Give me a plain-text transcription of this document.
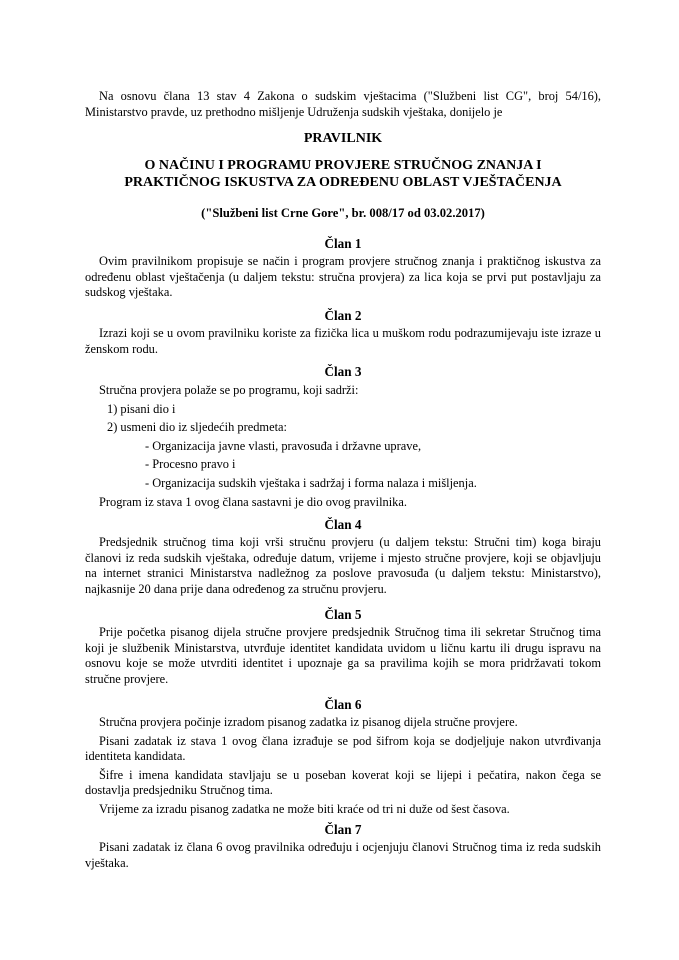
Na osnovu člana 13 stav 4 Zakona o sudskim vještacima ("Službeni list CG", broj 54/16), Ministarstvo pravde, uz prethodno mišljenje Udruženja sudskih vještaka, donijelo je

PRAVILNIK
O NAČINU I PROGRAMU PROVJERE STRUČNOG ZNANJA I
PRAKTIČNOG ISKUSTVA ZA ODREĐENU OBLAST VJEŠTAČENJA
("Službeni list Crne Gore", br. 008/17 od 03.02.2017)
Član 1

Ovim pravilnikom propisuje se način i program provjere stručnog znanja i praktičnog iskustva za određenu oblast vještačenja (u daljem tekstu: stručna provjera) za lica koja se prvi put postavljaju za sudskog vještaka.

Član 2

Izrazi koji se u ovom pravilniku koriste za fizička lica u muškom rodu podrazumijevaju iste izraze u ženskom rodu.

Član 3

Stručna provjera polaže se po programu, koji sadrži:

1) pisani dio i

2) usmeni dio iz sljedećih predmeta:

- Organizacija javne vlasti, pravosuđa i državne uprave,

- Procesno pravo i

- Organizacija sudskih vještaka i sadržaj i forma nalaza i mišljenja.

Program iz stava 1 ovog člana sastavni je dio ovog pravilnika.

Član 4

Predsjednik stručnog tima koji vrši stručnu provjeru (u daljem tekstu: Stručni tim) koga biraju članovi iz reda sudskih vještaka, određuje datum, vrijeme i mjesto stručne provjere, koji se objavljuju na internet stranici Ministarstva nadležnog za poslove pravosuđa (u daljem tekstu: Ministarstvo), najkasnije 20 dana prije dana određenog za stručnu provjeru.

Član 5

Prije početka pisanog dijela stručne provjere predsjednik Stručnog tima ili sekretar Stručnog tima koji je službenik Ministarstva, utvrđuje identitet kandidata uvidom u ličnu kartu ili drugu ispravu na osnovu koje se može utvrditi identitet i upoznaje ga sa pravilima kojih se mora pridržavati tokom stručne provjere.

Član 6

Stručna provjera počinje izradom pisanog zadatka iz pisanog dijela stručne provjere.

Pisani zadatak iz stava 1 ovog člana izrađuje se pod šifrom koja se dodjeljuje nakon utvrđivanja identiteta kandidata.

Šifre i imena kandidata stavljaju se u poseban koverat koji se lijepi i pečatira, nakon čega se dostavlja predsjedniku Stručnog tima.

Vrijeme za izradu pisanog zadatka ne može biti kraće od tri ni duže od šest časova.

Član 7

Pisani zadatak iz člana 6 ovog pravilnika određuju i ocjenjuju članovi Stručnog tima iz reda sudskih vještaka.
